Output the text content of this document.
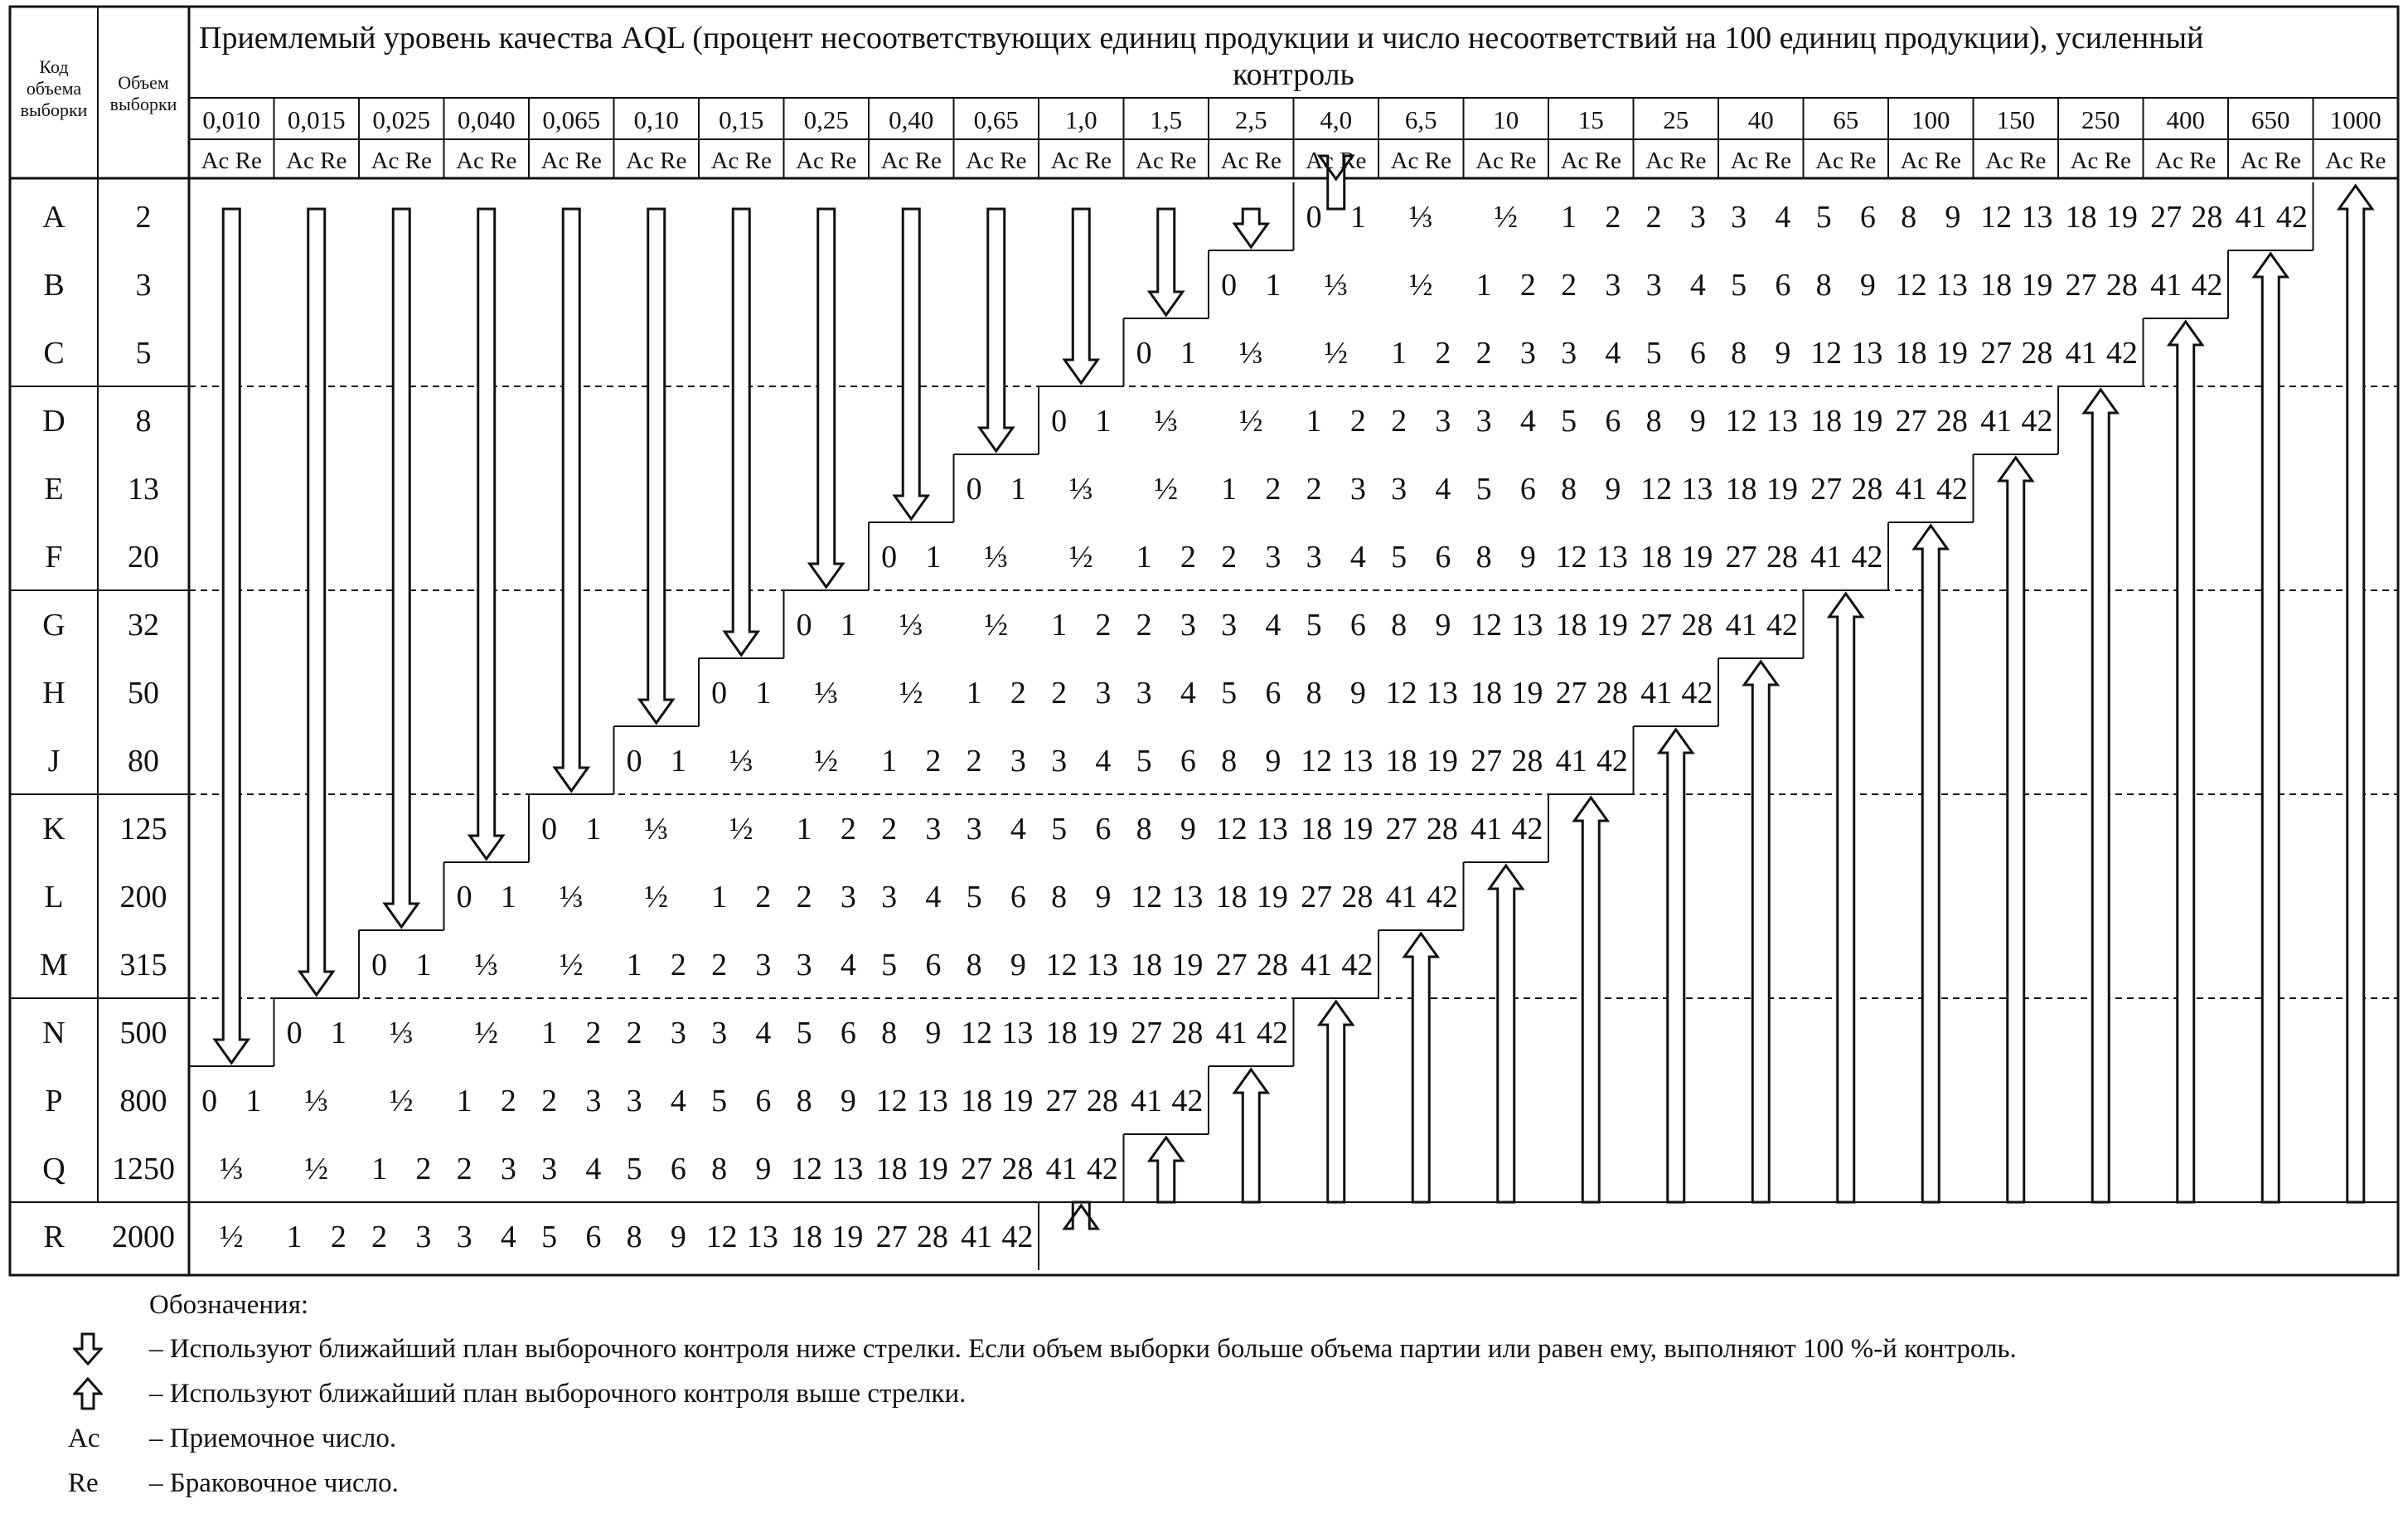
Код
объема
выборки
Объем
выборки
Приемлемый уровень качества AQL (процент несоответствующих единиц продукции и число несоответствий на 100 единиц продукции), усиленный
контроль
0,010
Ac Re
0,015
Ac Re
0,025
Ac Re
0,040
Ac Re
0,065
Ac Re
0,10
Ac Re
0,15
Ac Re
0,25
Ac Re
0,40
Ac Re
0,65
Ac Re
1,0
Ac Re
1,5
Ac Re
2,5
Ac Re
4,0
Ac Re
6,5
Ac Re
10
Ac Re
15
Ac Re
25
Ac Re
40
Ac Re
65
Ac Re
100
Ac Re
150
Ac Re
250
Ac Re
400
Ac Re
650
Ac Re
1000
Ac Re
A 2
B 3
C 5
D 8
E 13
F 20
G 32
H 50
J 80
K 125
L 200
M 315
N 500
P 800
Q 1250
R 2000
0 1 ⅓ ½ 1 2 2 3 3 4 5 6 8 9 12 13 18 19 27 28 41 42
0 1 ⅓ ½ 1 2 2 3 3 4 5 6 8 9 12 13 18 19 27 28 41 42
0 1 ⅓ ½ 1 2 2 3 3 4 5 6 8 9 12 13 18 19 27 28 41 42
0 1 ⅓ ½ 1 2 2 3 3 4 5 6 8 9 12 13 18 19 27 28 41 42
0 1 ⅓ ½ 1 2 2 3 3 4 5 6 8 9 12 13 18 19 27 28 41 42
0 1 ⅓ ½ 1 2 2 3 3 4 5 6 8 9 12 13 18 19 27 28 41 42
0 1 ⅓ ½ 1 2 2 3 3 4 5 6 8 9 12 13 18 19 27 28 41 42
0 1 ⅓ ½ 1 2 2 3 3 4 5 6 8 9 12 13 18 19 27 28 41 42
0 1 ⅓ ½ 1 2 2 3 3 4 5 6 8 9 12 13 18 19 27 28 41 42
0 1 ⅓ ½ 1 2 2 3 3 4 5 6 8 9 12 13 18 19 27 28 41 42
0 1 ⅓ ½ 1 2 2 3 3 4 5 6 8 9 12 13 18 19 27 28 41 42
0 1 ⅓ ½ 1 2 2 3 3 4 5 6 8 9 12 13 18 19 27 28 41 42
0 1 ⅓ ½ 1 2 2 3 3 4 5 6 8 9 12 13 18 19 27 28 41 42
0 1 ⅓ ½ 1 2 2 3 3 4 5 6 8 9 12 13 18 19 27 28 41 42
⅓ ½ 1 2 2 3 3 4 5 6 8 9 12 13 18 19 27 28 41 42
½ 1 2 2 3 3 4 5 6 8 9 12 13 18 19 27 28 41 42
Обозначения:
– Используют ближайший план выборочного контроля ниже стрелки. Если объем выборки больше объема партии или равен ему, выполняют 100 %-й контроль.
– Используют ближайший план выборочного контроля выше стрелки.
Ac	– Приемочное число.
Re	– Браковочное число.
